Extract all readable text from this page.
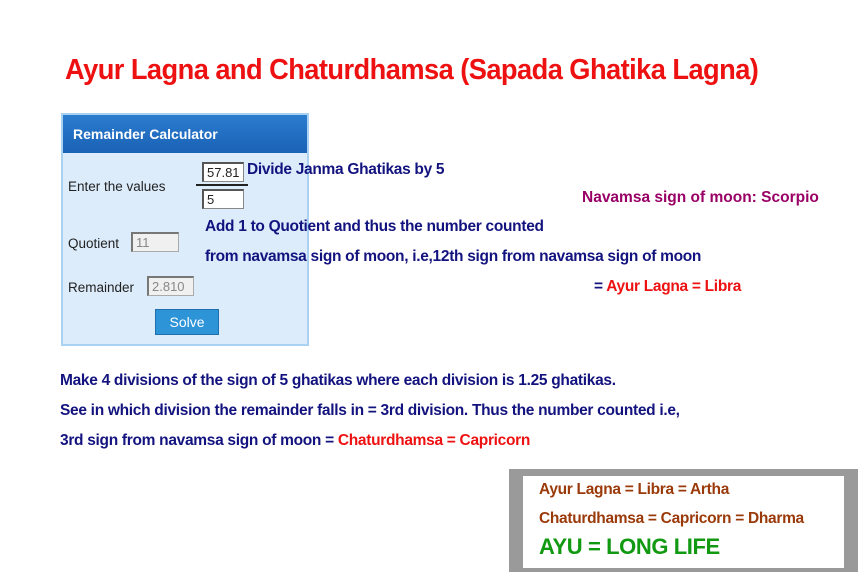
Ayur Lagna and Chaturdhamsa (Sapada Ghatika Lagna)
Remainder Calculator
Enter the values
57.81
5
Quotient	11
Remainder	2.810
Solve
Divide Janma Ghatikas by 5
Navamsa sign of moon: Scorpio
Add 1 to Quotient and thus the number counted
from navamsa sign of moon, i.e,12th sign from navamsa sign of moon
= Ayur Lagna = Libra
Make 4 divisions of the sign of 5 ghatikas where each division is 1.25 ghatikas.
See in which division the remainder falls in = 3rd division. Thus the number counted i.e,
3rd sign from navamsa sign of moon = Chaturdhamsa = Capricorn
Ayur Lagna = Libra = Artha
Chaturdhamsa = Capricorn = Dharma
AYU = LONG LIFE
